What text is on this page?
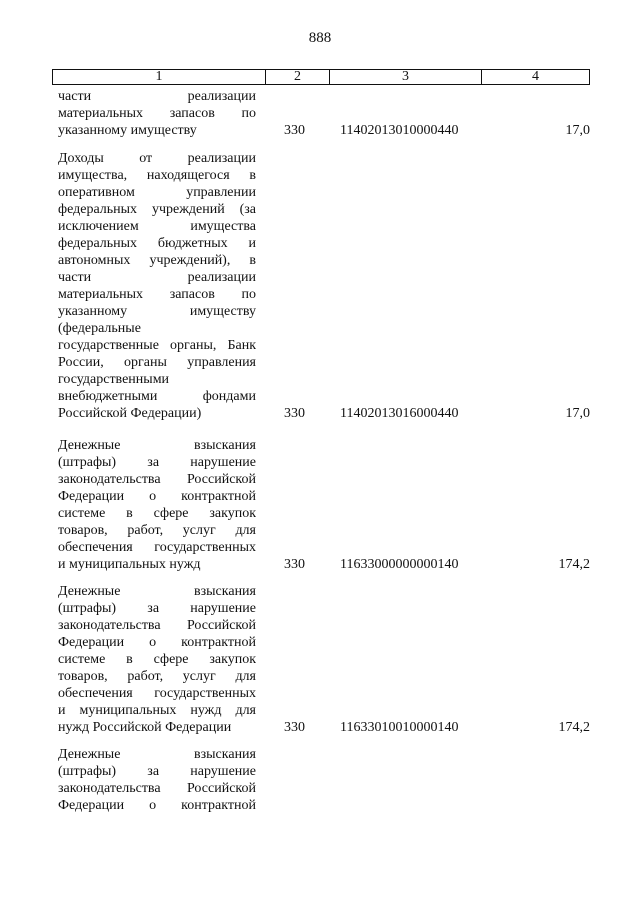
888
1	2	3	4
части реализации
материальных запасов по
указанному имуществу	330	11402013010000440	17,0
Доходы от реализации
имущества, находящегося в
оперативном управлении
федеральных учреждений (за
исключением имущества
федеральных бюджетных и
автономных учреждений), в
части реализации
материальных запасов по
указанному имуществу
(федеральные
государственные органы, Банк
России, органы управления
государственными
внебюджетными фондами
Российской Федерации)	330	11402013016000440	17,0
Денежные взыскания
(штрафы) за нарушение
законодательства Российской
Федерации о контрактной
системе в сфере закупок
товаров, работ, услуг для
обеспечения государственных
и муниципальных нужд	330	11633000000000140	174,2
Денежные взыскания
(штрафы) за нарушение
законодательства Российской
Федерации о контрактной
системе в сфере закупок
товаров, работ, услуг для
обеспечения государственных
и муниципальных нужд для
нужд Российской Федерации	330	11633010010000140	174,2
Денежные взыскания
(штрафы) за нарушение
законодательства Российской
Федерации о контрактной
